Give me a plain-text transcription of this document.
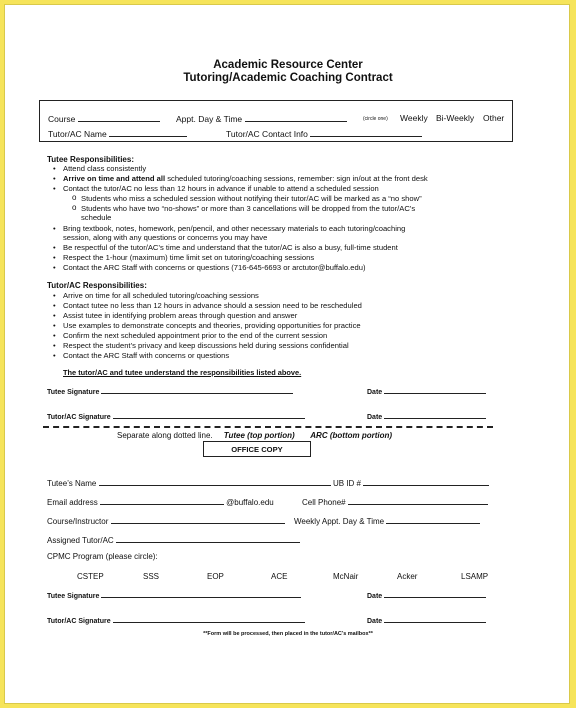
Academic Resource Center
Tutoring/Academic Coaching Contract
Course	Appt. Day & Time	(circle one) Weekly Bi-Weekly Other
Tutor/AC Name	Tutor/AC Contact Info
Tutee Responsibilities:
• Attend class consistently
• Arrive on time and attend all scheduled tutoring/coaching sessions, remember: sign in/out at the front desk
• Contact the tutor/AC no less than 12 hours in advance if unable to attend a scheduled session
o Students who miss a scheduled session without notifying their tutor/AC will be marked as a “no show”
o Students who have two “no-shows” or more than 3 cancellations will be dropped from the tutor/AC’s
schedule
• Bring textbook, notes, homework, pen/pencil, and other necessary materials to each tutoring/coaching
session, along with any questions or concerns you may have
• Be respectful of the tutor/AC’s time and understand that the tutor/AC is also a busy, full-time student
• Respect the 1-hour (maximum) time limit set on tutoring/coaching sessions
• Contact the ARC Staff with concerns or questions (716-645-6693 or arctutor@buffalo.edu)
Tutor/AC Responsibilities:
• Arrive on time for all scheduled tutoring/coaching sessions
• Contact tutee no less than 12 hours in advance should a session need to be rescheduled
• Assist tutee in identifying problem areas through question and answer
• Use examples to demonstrate concepts and theories, providing opportunities for practice
• Confirm the next scheduled appointment prior to the end of the current session
• Respect the student’s privacy and keep discussions held during sessions confidential
• Contact the ARC Staff with concerns or questions
The tutor/AC and tutee understand the responsibilities listed above.
Tutee Signature	Date
Tutor/AC Signature	Date
Separate along dotted line. Tutee (top portion) ARC (bottom portion)
OFFICE COPY
Tutee’s Name	UB ID #
Email address	@buffalo.edu	Cell Phone#
Course/Instructor	Weekly Appt. Day & Time
Assigned Tutor/AC
CPMC Program (please circle):
CSTEP	SSS	EOP	ACE	McNair	Acker	LSAMP
Tutee Signature	Date
Tutor/AC Signature	Date
**Form will be processed, then placed in the tutor/AC’s mailbox**
